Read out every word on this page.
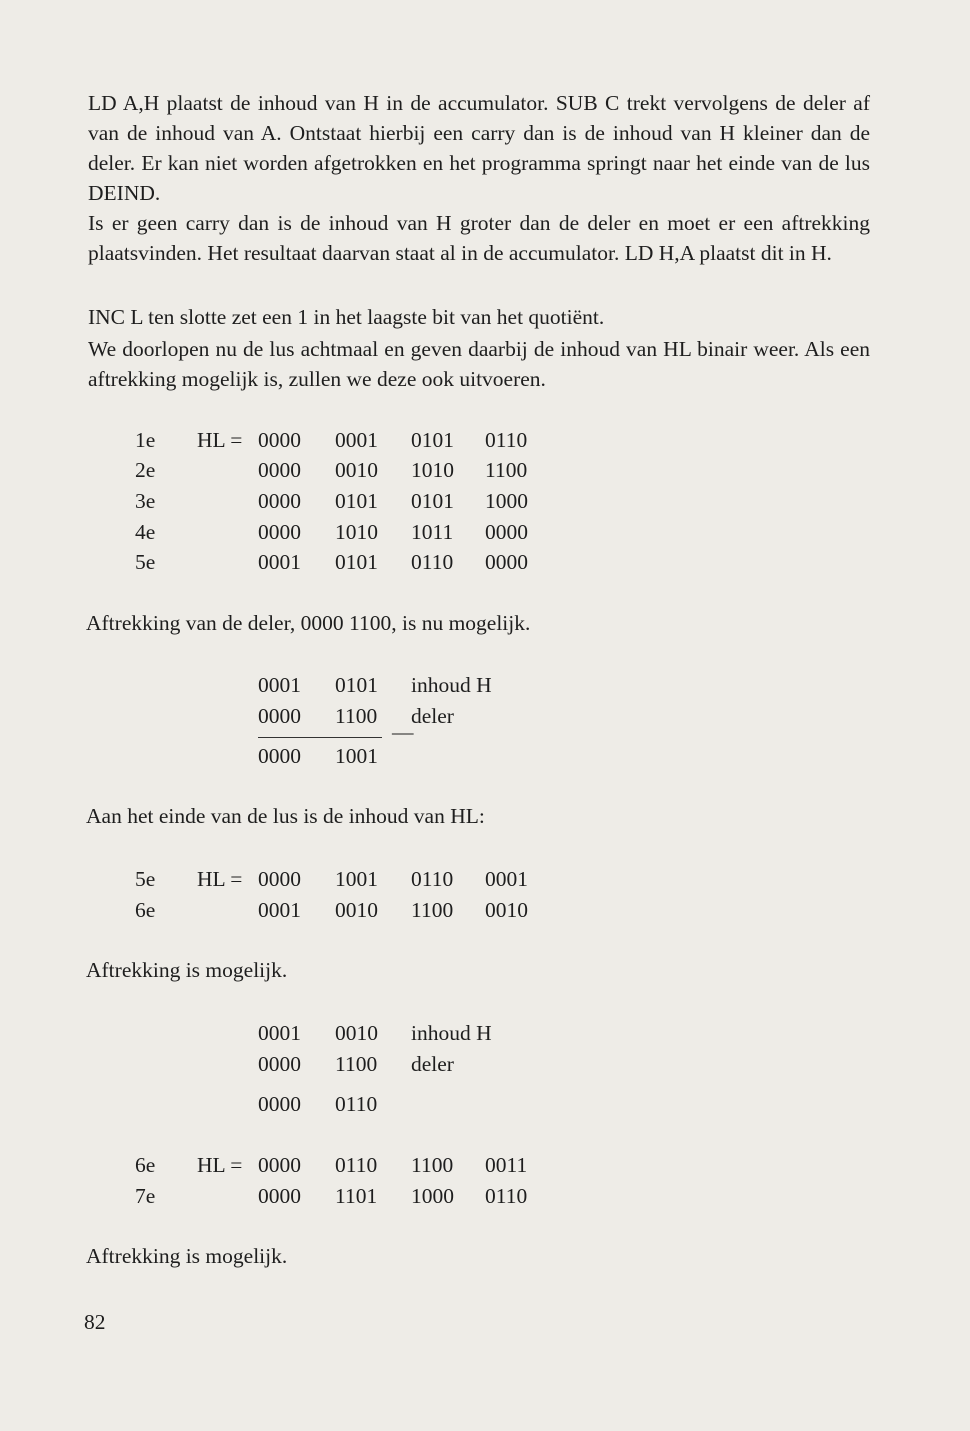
LD A,H plaatst de inhoud van H in de accumulator. SUB C trekt vervolgens de deler af van de inhoud van A. Ontstaat hierbij een carry dan is de inhoud van H kleiner dan de deler. Er kan niet worden afgetrokken en het programma springt naar het einde van de lus DEIND.

Is er geen carry dan is de inhoud van H groter dan de deler en moet er een aftrekking plaatsvinden. Het resultaat daarvan staat al in de accumulator. LD H,A plaatst dit in H.

INC L ten slotte zet een 1 in het laagste bit van het quotiënt.

We doorlopen nu de lus achtmaal en geven daarbij de inhoud van HL binair weer. Als een aftrekking mogelijk is, zullen we deze ook uitvoeren.

1e HL = 0000 0001 0101 0110
2e	0000 0010 1010 1100
3e	0000 0101 0101 1000
4e	0000 1010 1011 0000
5e	0001 0101 0110 0000
Aftrekking van de deler, 0000 1100, is nu mogelijk.
0001 0101 inhoud H
0000 1100 deler
—
0000 1001
Aan het einde van de lus is de inhoud van HL:
5e HL = 0000 1001 0110 0001
6e	0001 0010 1100 0010
Aftrekking is mogelijk.
0001 0010 inhoud H
0000 1100 deler
0000 0110
6e HL = 0000 0110 1100 0011
7e	0000 1101 1000 0110
Aftrekking is mogelijk.
82
